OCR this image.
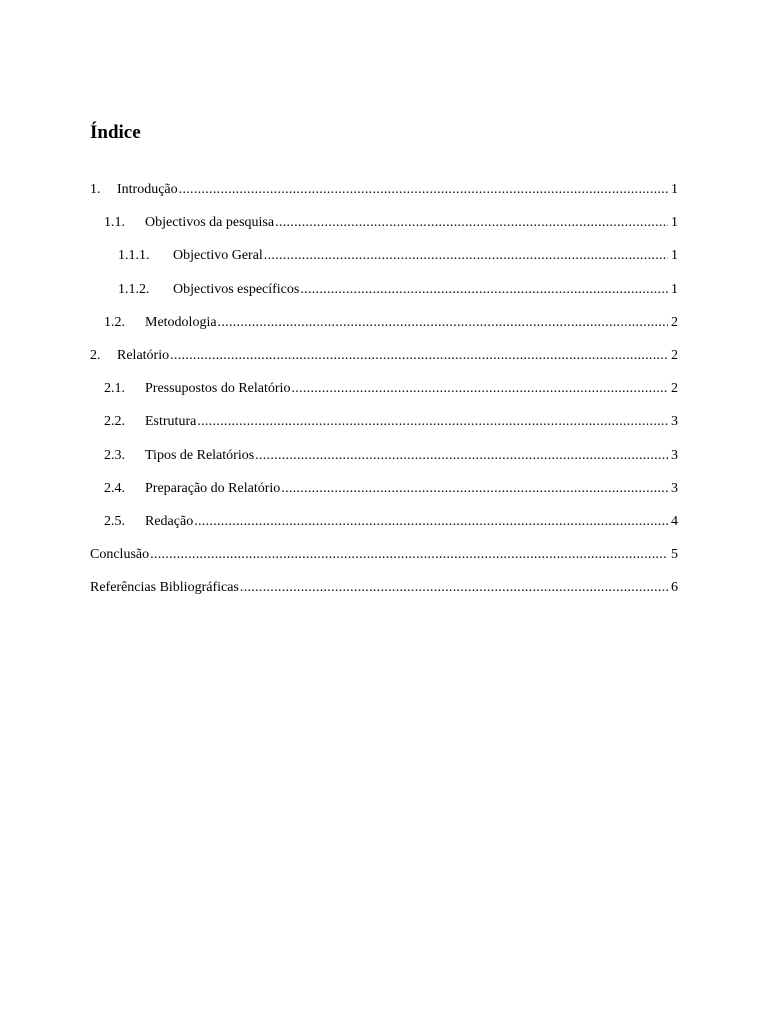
Índice
1.	Introdução .....	1
1.1.	Objectivos da pesquisa .....	1
1.1.1.	Objectivo Geral .....	1
1.1.2.	Objectivos específicos .....	1
1.2.	Metodologia .....	2
2.	Relatório .....	2
2.1.	Pressupostos do Relatório .....	2
2.2.	Estrutura .....	3
2.3.	Tipos de Relatórios .....	3
2.4.	Preparação do Relatório .....	3
2.5.	Redação .....	4
Conclusão .....	5
Referências Bibliográficas .....	6
